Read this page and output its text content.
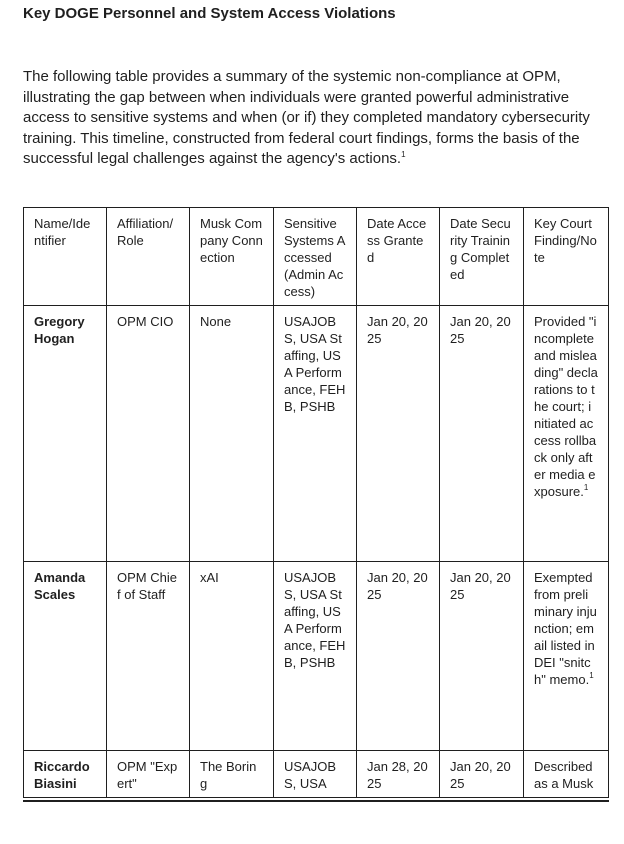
Key DOGE Personnel and System Access Violations

The following table provides a summary of the systemic non-compliance at OPM, illustrating the gap between when individuals were granted powerful administrative access to sensitive systems and when (or if) they completed mandatory cybersecurity training. This timeline, constructed from federal court findings, forms the basis of the successful legal challenges against the agency's actions.$^1$

Name/Identifier	Affiliation/Role	Musk Company Connection	Sensitive Systems Accessed (Admin Access)	Date Access Granted	Date Security Training Completed	Key Court Finding/Note
Gregory Hogan	OPM CIO	None	USAJOBS, USA Staffing, USA Performance, FEHB, PSHB	Jan 20, 2025	Jan 20, 2025	Provided "incomplete and misleading" declarations to the court; initiated access rollback only after media exposure.$^1$
Amanda Scales	OPM Chief of Staff	xAI	USAJOBS, USA Staffing, USA Performance, FEHB, PSHB	Jan 20, 2025	Jan 20, 2025	Exempted from preliminary injunction; email listed in DEI "snitch" memo.$^1$
Riccardo Biasini	OPM "Expert"	The Boring	USAJOBS, USA	Jan 28, 2025	Jan 20, 2025	Described as a Musk
